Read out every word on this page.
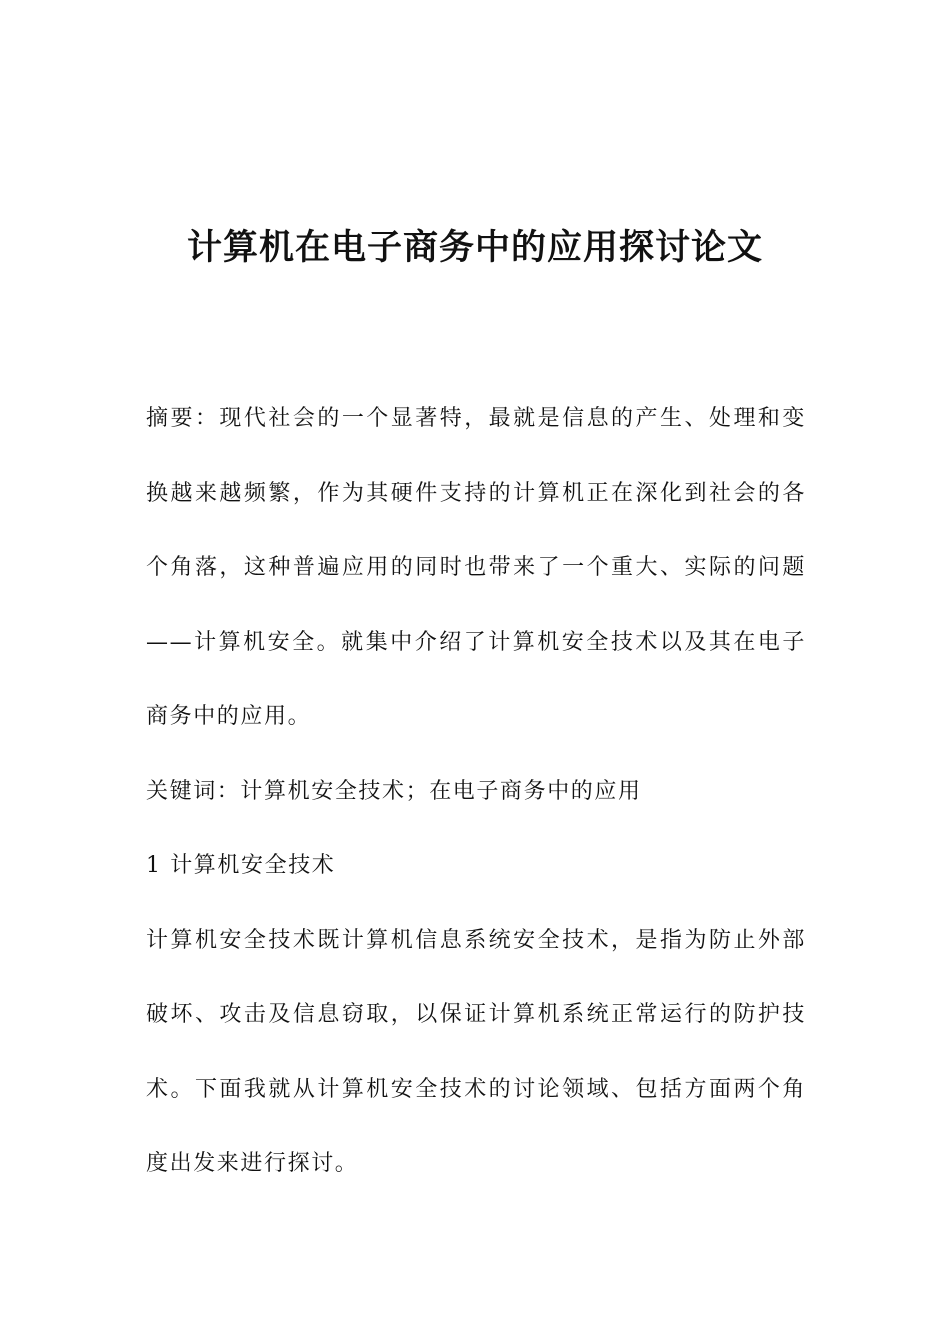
计算机在电子商务中的应用探讨论文

摘要：现代社会的一个显著特，最就是信息的产生、处理和变换越来越频繁，作为其硬件支持的计算机正在深化到社会的各个角落，这种普遍应用的同时也带来了一个重大、实际的问题——计算机安全。就集中介绍了计算机安全技术以及其在电子商务中的应用。

关键词：计算机安全技术；在电子商务中的应用

1 计算机安全技术

计算机安全技术既计算机信息系统安全技术，是指为防止外部破坏、攻击及信息窃取，以保证计算机系统正常运行的防护技术。下面我就从计算机安全技术的讨论领域、包括方面两个角度出发来进行探讨。
